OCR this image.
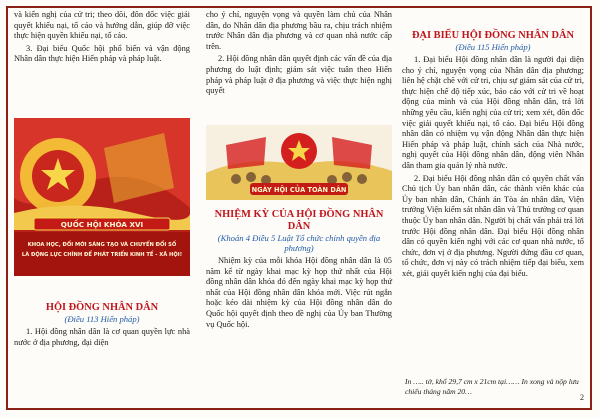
và kiến nghị của cử tri; theo dõi, đôn đốc việc giải quyết khiếu nại, tố cáo và hướng dẫn, giúp đỡ việc thực hiện quyền khiếu nại, tố cáo.

3. Đại biểu Quốc hội phổ biến và vận động Nhân dân thực hiện Hiến pháp và pháp luật.

QUỐC HỘI KHÓA XVI
KHOA HỌC, ĐỔI MỚI SÁNG TẠO VÀ CHUYỂN ĐỔI SỐ
LÀ ĐỘNG LỰC CHÍNH ĐỂ PHÁT TRIỂN KINH TẾ - XÃ HỘI!
HỘI ĐỒNG NHÂN DÂN
(Điều 113 Hiến pháp)

1. Hội đồng nhân dân là cơ quan quyền lực nhà nước ở địa phương, đại diện

cho ý chí, nguyện vọng và quyền làm chủ của Nhân dân, do Nhân dân địa phương bầu ra, chịu trách nhiệm trước Nhân dân địa phương và cơ quan nhà nước cấp trên.

2. Hội đồng nhân dân quyết định các vấn đề của địa phương do luật định; giám sát việc tuân theo Hiến pháp và pháp luật ở địa phương và việc thực hiện nghị quyết

NGÀY HỘI CỦA TOÀN DÂN
NHIỆM KỲ CỦA HỘI ĐỒNG NHÂN DÂN
(Khoản 4 Điều 5 Luật Tổ chức chính quyền địa phương)

Nhiệm kỳ của mỗi khóa Hội đồng nhân dân là 05 năm kể từ ngày khai mạc kỳ họp thứ nhất của Hội đồng nhân dân khóa đó đến ngày khai mạc kỳ họp thứ nhất của Hội đồng nhân dân khóa mới. Việc rút ngắn hoặc kéo dài nhiệm kỳ của Hội đồng nhân dân do Quốc hội quyết định theo đề nghị của Ủy ban Thường vụ Quốc hội.

ĐẠI BIỂU HỘI ĐỒNG NHÂN DÂN
(Điều 115 Hiến pháp)

1. Đại biểu Hội đồng nhân dân là người đại diện cho ý chí, nguyện vọng của Nhân dân địa phương; liên hệ chặt chẽ với cử tri, chịu sự giám sát của cử tri, thực hiện chế độ tiếp xúc, báo cáo với cử tri về hoạt động của mình và của Hội đồng nhân dân, trả lời những yêu cầu, kiến nghị của cử tri; xem xét, đôn đốc việc giải quyết khiếu nại, tố cáo. Đại biểu Hội đồng nhân dân có nhiệm vụ vận động Nhân dân thực hiện Hiến pháp và pháp luật, chính sách của Nhà nước, nghị quyết của Hội đồng nhân dân, động viên Nhân dân tham gia quản lý nhà nước.

2. Đại biểu Hội đồng nhân dân có quyền chất vấn Chủ tịch Ủy ban nhân dân, các thành viên khác của Ủy ban nhân dân, Chánh án Tòa án nhân dân, Viện trưởng Viện kiểm sát nhân dân và Thủ trưởng cơ quan thuộc Ủy ban nhân dân. Người bị chất vấn phải trả lời trước Hội đồng nhân dân. Đại biểu Hội đồng nhân dân có quyền kiến nghị với các cơ quan nhà nước, tổ chức, đơn vị ở địa phương. Người đứng đầu cơ quan, tổ chức, đơn vị này có trách nhiệm tiếp đại biểu, xem xét, giải quyết kiến nghị của đại biểu.

In ….. tờ, khổ 29,7 cm x 21cm tại…… In xong và nộp lưu chiểu tháng năm 20…
2
